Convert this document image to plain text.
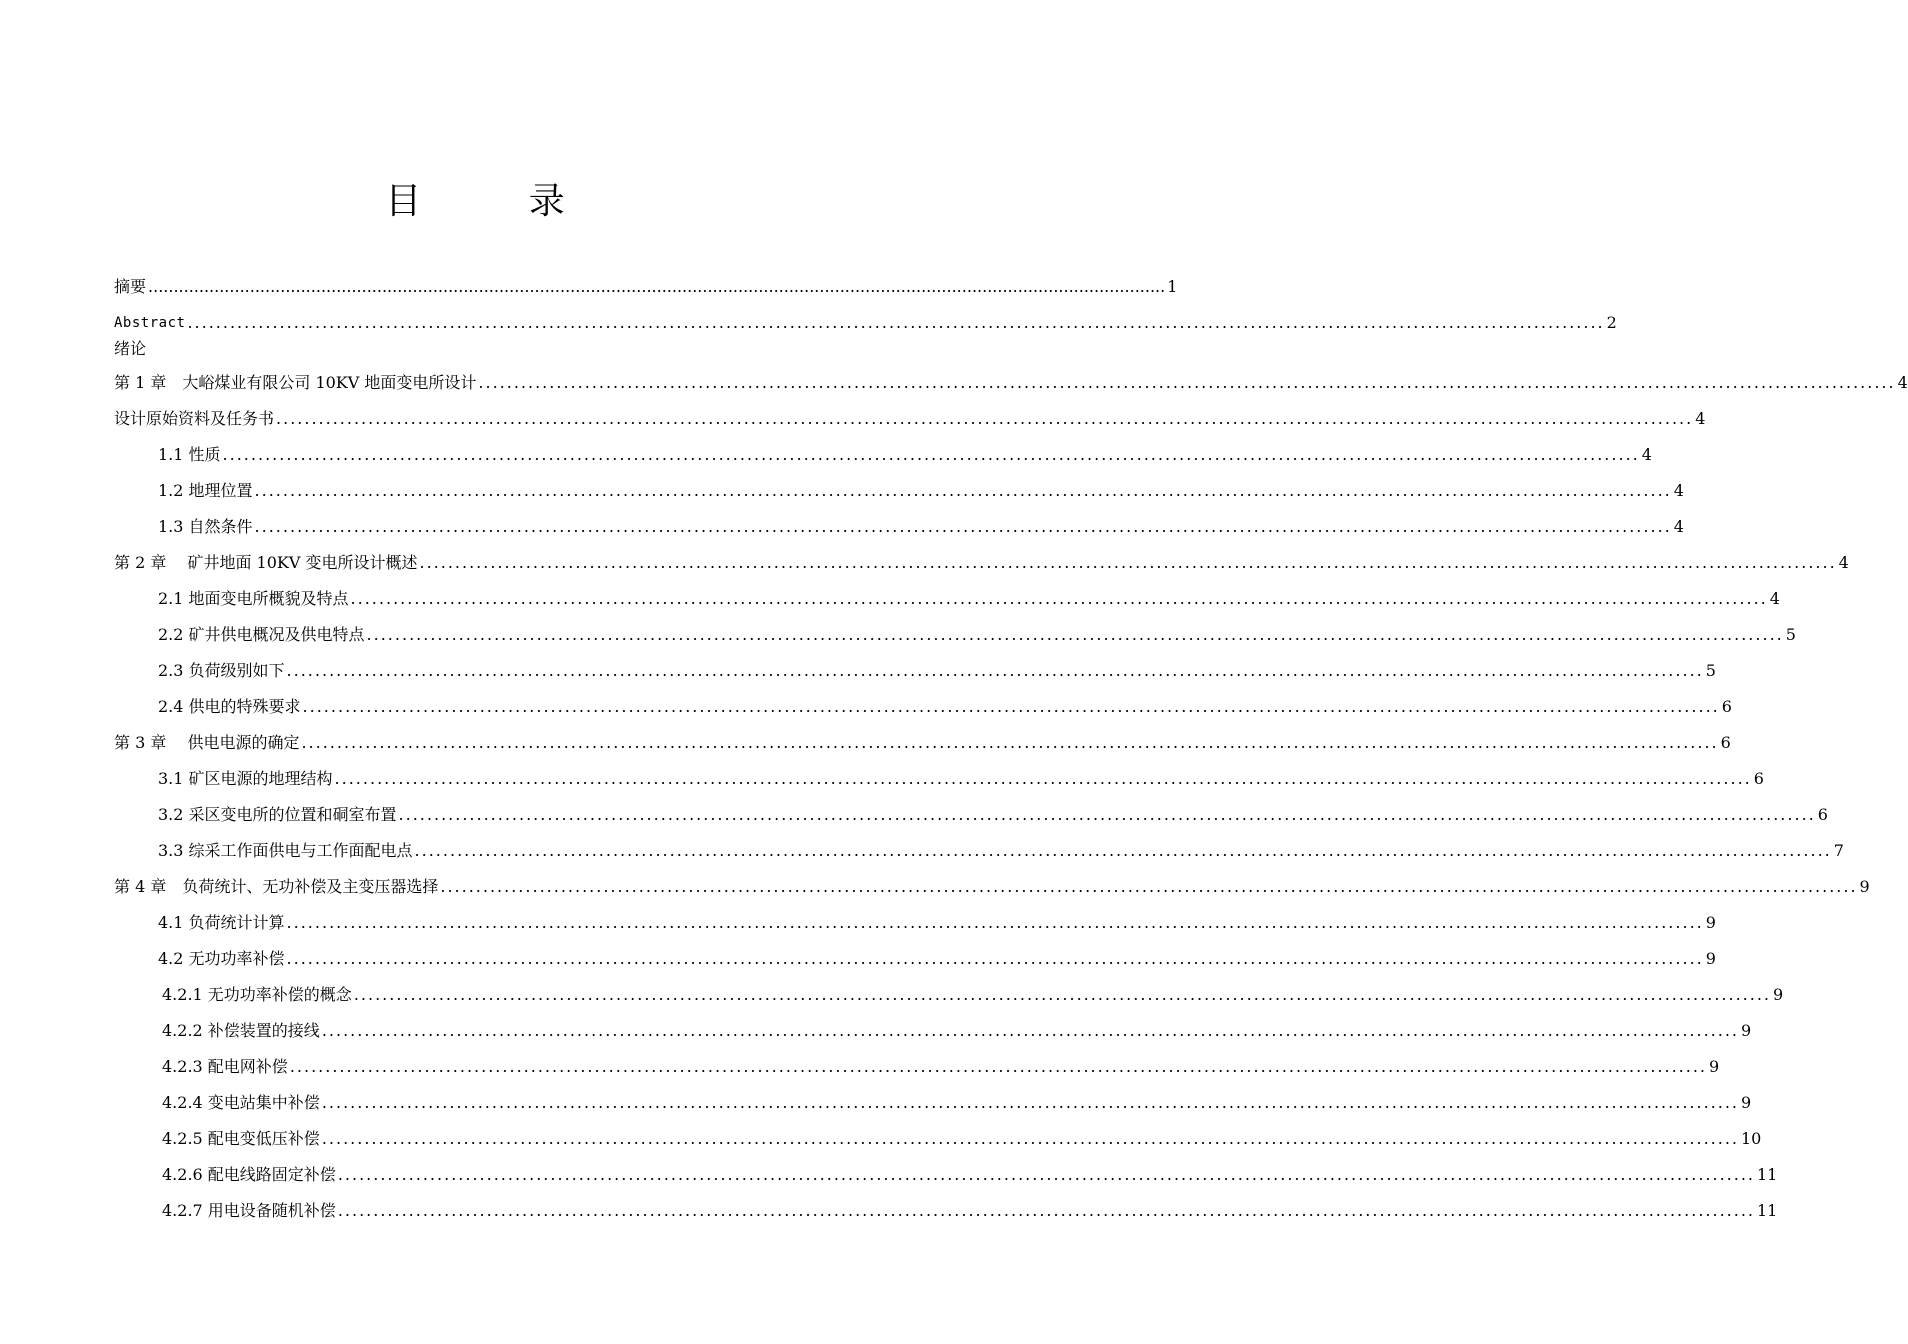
目 录
摘要 ........................................................................................................................................................................................................ 1
Abstract ........................................................................................................................................................................................................ 2
绪论
第 1 章　大峪煤业有限公司 10KV 地面变电所设计 ........................................................................................................................................................................................................ 4
设计原始资料及任务书 ........................................................................................................................................................................................................ 4
1.1 性质 ........................................................................................................................................................................................................ 4
1.2 地理位置 ........................................................................................................................................................................................................ 4
1.3 自然条件 ........................................................................................................................................................................................................ 4
第 2 章　 矿井地面 10KV 变电所设计概述 ........................................................................................................................................................................................................ 4
2.1 地面变电所概貌及特点 ........................................................................................................................................................................................................ 4
2.2 矿井供电概况及供电特点 ........................................................................................................................................................................................................ 5
2.3 负荷级别如下 ........................................................................................................................................................................................................ 5
2.4 供电的特殊要求 ........................................................................................................................................................................................................ 6
第 3 章　 供电电源的确定 ........................................................................................................................................................................................................ 6
3.1 矿区电源的地理结构 ........................................................................................................................................................................................................ 6
3.2 采区变电所的位置和硐室布置 ........................................................................................................................................................................................................ 6
3.3 综采工作面供电与工作面配电点 ........................................................................................................................................................................................................ 7
第 4 章　负荷统计、无功补偿及主变压器选择 ........................................................................................................................................................................................................ 9
4.1 负荷统计计算 ........................................................................................................................................................................................................ 9
4.2 无功功率补偿 ........................................................................................................................................................................................................ 9
4.2.1 无功功率补偿的概念 ........................................................................................................................................................................................................ 9
4.2.2 补偿装置的接线 ........................................................................................................................................................................................................ 9
4.2.3 配电网补偿 ........................................................................................................................................................................................................ 9
4.2.4 变电站集中补偿 ........................................................................................................................................................................................................ 9
4.2.5 配电变低压补偿 ........................................................................................................................................................................................................ 10
4.2.6 配电线路固定补偿 ........................................................................................................................................................................................................ 11
4.2.7 用电设备随机补偿 ........................................................................................................................................................................................................ 11
